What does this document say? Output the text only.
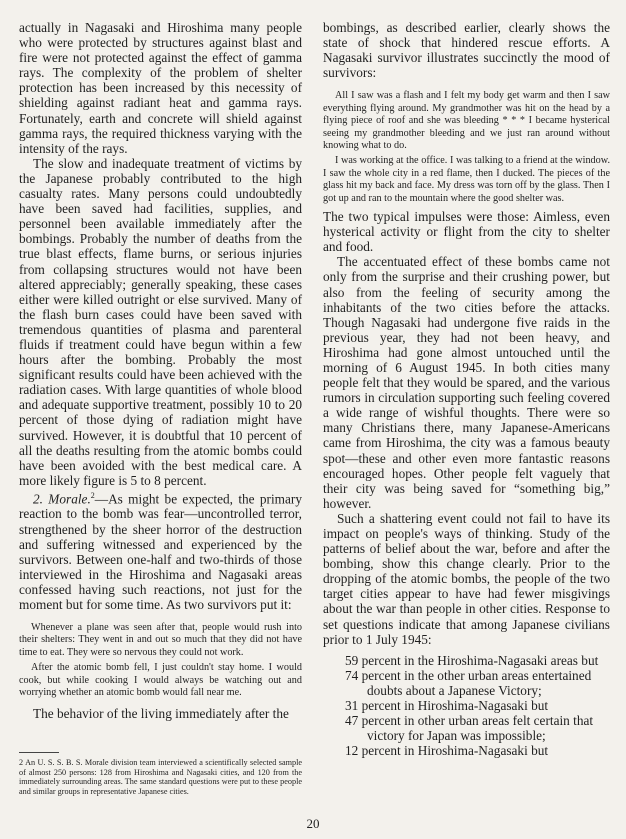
actually in Nagasaki and Hiroshima many people who were protected by structures against blast and fire were not protected against the effect of gamma rays. The complexity of the problem of shelter protection has been increased by this necessity of shielding against radiant heat and gamma rays. Fortunately, earth and concrete will shield against gamma rays, the required thickness varying with the intensity of the rays.

The slow and inadequate treatment of victims by the Japanese probably contributed to the high casualty rates. Many persons could undoubtedly have been saved had facilities, supplies, and personnel been available immediately after the bombings. Probably the number of deaths from the true blast effects, flame burns, or serious injuries from collapsing structures would not have been altered appreciably; generally speaking, these cases either were killed outright or else survived. Many of the flash burn cases could have been saved with tremendous quantities of plasma and parenteral fluids if treatment could have begun within a few hours after the bombing. Probably the most significant results could have been achieved with the radiation cases. With large quantities of whole blood and adequate supportive treatment, possibly 10 to 20 percent of those dying of radiation might have survived. However, it is doubtful that 10 percent of all the deaths resulting from the atomic bombs could have been avoided with the best medical care. A more likely figure is 5 to 8 percent.

2. Morale.$^2$—As might be expected, the primary reaction to the bomb was fear—uncontrolled terror, strengthened by the sheer horror of the destruction and suffering witnessed and experienced by the survivors. Between one-half and two-thirds of those interviewed in the Hiroshima and Nagasaki areas confessed having such reactions, not just for the moment but for some time. As two survivors put it:

Whenever a plane was seen after that, people would rush into their shelters: They went in and out so much that they did not have time to eat. They were so nervous they could not work.

After the atomic bomb fell, I just couldn't stay home. I would cook, but while cooking I would always be watching out and worrying whether an atomic bomb would fall near me.

The behavior of the living immediately after the

2 An U. S. S. B. S. Morale division team interviewed a scientifically selected sample of almost 250 persons: 128 from Hiroshima and Nagasaki cities, and 120 from the immediately surrounding areas. The same standard questions were put to these people and similar groups in representative Japanese cities.

bombings, as described earlier, clearly shows the state of shock that hindered rescue efforts. A Nagasaki survivor illustrates succinctly the mood of survivors:

All I saw was a flash and I felt my body get warm and then I saw everything flying around. My grandmother was hit on the head by a flying piece of roof and she was bleeding * * * I became hysterical seeing my grandmother bleeding and we just ran around without knowing what to do.

I was working at the office. I was talking to a friend at the window. I saw the whole city in a red flame, then I ducked. The pieces of the glass hit my back and face. My dress was torn off by the glass. Then I got up and ran to the mountain where the good shelter was.

The two typical impulses were those: Aimless, even hysterical activity or flight from the city to shelter and food.

The accentuated effect of these bombs came not only from the surprise and their crushing power, but also from the feeling of security among the inhabitants of the two cities before the attacks. Though Nagasaki had undergone five raids in the previous year, they had not been heavy, and Hiroshima had gone almost untouched until the morning of 6 August 1945. In both cities many people felt that they would be spared, and the various rumors in circulation supporting such feeling covered a wide range of wishful thoughts. There were so many Christians there, many Japanese-Americans came from Hiroshima, the city was a famous beauty spot—these and other even more fantastic reasons encouraged hopes. Other people felt vaguely that their city was being saved for “something big,” however.

Such a shattering event could not fail to have its impact on people's ways of thinking. Study of the patterns of belief about the war, before and after the bombing, show this change clearly. Prior to the dropping of the atomic bombs, the people of the two target cities appear to have had fewer misgivings about the war than people in other cities. Response to set questions indicate that among Japanese civilians prior to 1 July 1945:

59 percent in the Hiroshima-Nagasaki areas but
74 percent in the other urban areas entertained doubts about a Japanese Victory;
31 percent in Hiroshima-Nagasaki but
47 percent in other urban areas felt certain that victory for Japan was impossible;
12 percent in Hiroshima-Nagasaki but
20
